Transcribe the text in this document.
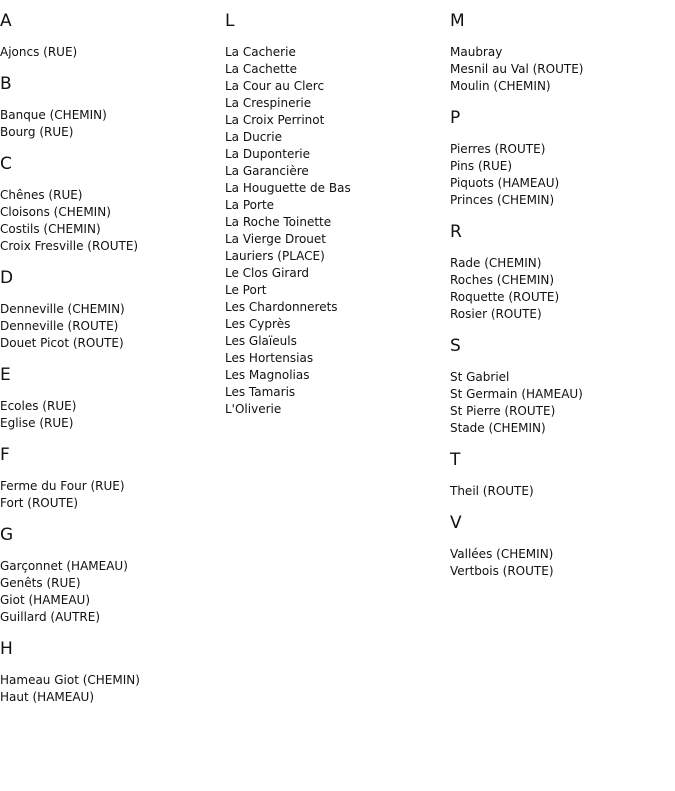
A
Ajoncs (RUE)
B
Banque (CHEMIN)
Bourg (RUE)
C
Chênes (RUE)
Cloisons (CHEMIN)
Costils (CHEMIN)
Croix Fresville (ROUTE)
D
Denneville (CHEMIN)
Denneville (ROUTE)
Douet Picot (ROUTE)
E
Ecoles (RUE)
Eglise (RUE)
F
Ferme du Four (RUE)
Fort (ROUTE)
G
Garçonnet (HAMEAU)
Genêts (RUE)
Giot (HAMEAU)
Guillard (AUTRE)
H
Hameau Giot (CHEMIN)
Haut (HAMEAU)
L
La Cacherie
La Cachette
La Cour au Clerc
La Crespinerie
La Croix Perrinot
La Ducrie
La Duponterie
La Garancière
La Houguette de Bas
La Porte
La Roche Toinette
La Vierge Drouet
Lauriers (PLACE)
Le Clos Girard
Le Port
Les Chardonnerets
Les Cyprès
Les Glaïeuls
Les Hortensias
Les Magnolias
Les Tamaris
L'Oliverie
M
Maubray
Mesnil au Val (ROUTE)
Moulin (CHEMIN)
P
Pierres (ROUTE)
Pins (RUE)
Piquots (HAMEAU)
Princes (CHEMIN)
R
Rade (CHEMIN)
Roches (CHEMIN)
Roquette (ROUTE)
Rosier (ROUTE)
S
St Gabriel
St Germain (HAMEAU)
St Pierre (ROUTE)
Stade (CHEMIN)
T
Theil (ROUTE)
V
Vallées (CHEMIN)
Vertbois (ROUTE)
